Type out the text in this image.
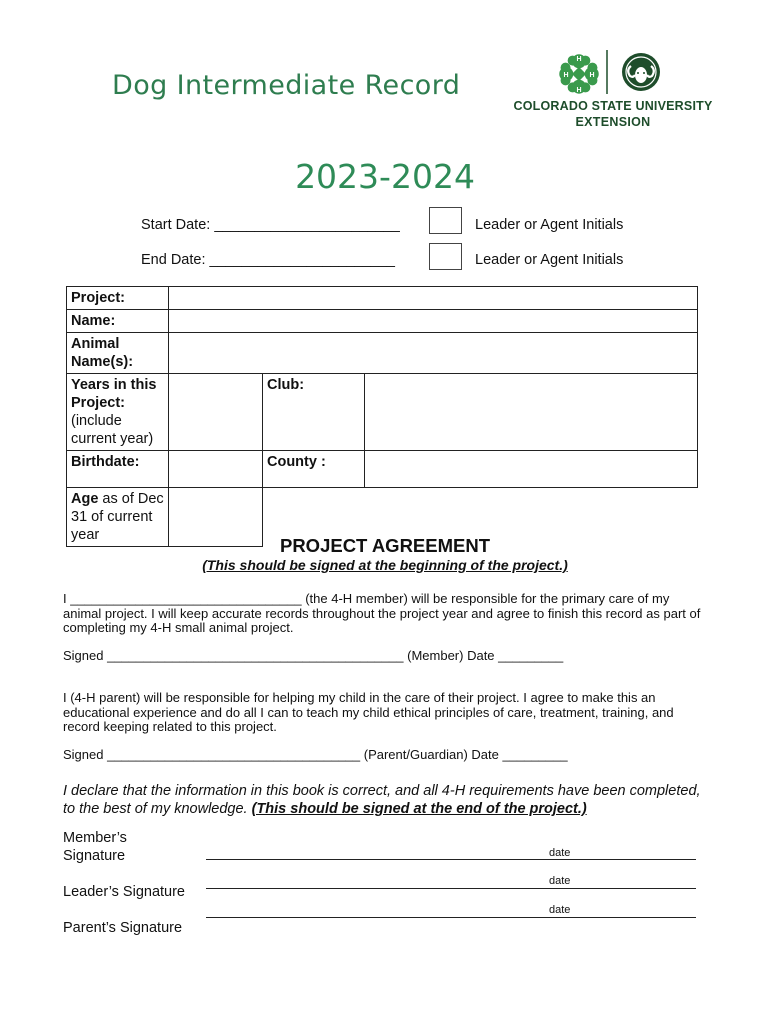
Dog Intermediate Record
H
H	H
H
COLORADO STATE UNIVERSITY
EXTENSION
2023-2024
Start Date: _______________________	Leader or Agent Initials
End Date: _______________________	Leader or Agent Initials
Project:			
Name:			
Animal Name(s):			
Years in this Project: (include current year)		Club:	
Birthdate:		County :	
Age as of Dec 31 of current year				PROJECT AGREEMENT
(This should be signed at the beginning of the project.)
I ________________________________ (the 4-H member) will be responsible for the primary care of my animal project. I will keep accurate records throughout the project year and agree to finish this record as part of completing my 4-H small animal project.
Signed _________________________________________ (Member) Date _________
I (4-H parent) will be responsible for helping my child in the care of their project. I agree to make this an educational experience and do all I can to teach my child ethical principles of care, treatment, training, and record keeping related to this project.
Signed ___________________________________ (Parent/Guardian) Date _________
I declare that the information in this book is correct, and all 4-H requirements have been completed, to the best of my knowledge. (This should be signed at the end of the project.)
Member’s Signature	date
Leader’s Signature
date
Parent’s Signature
date
